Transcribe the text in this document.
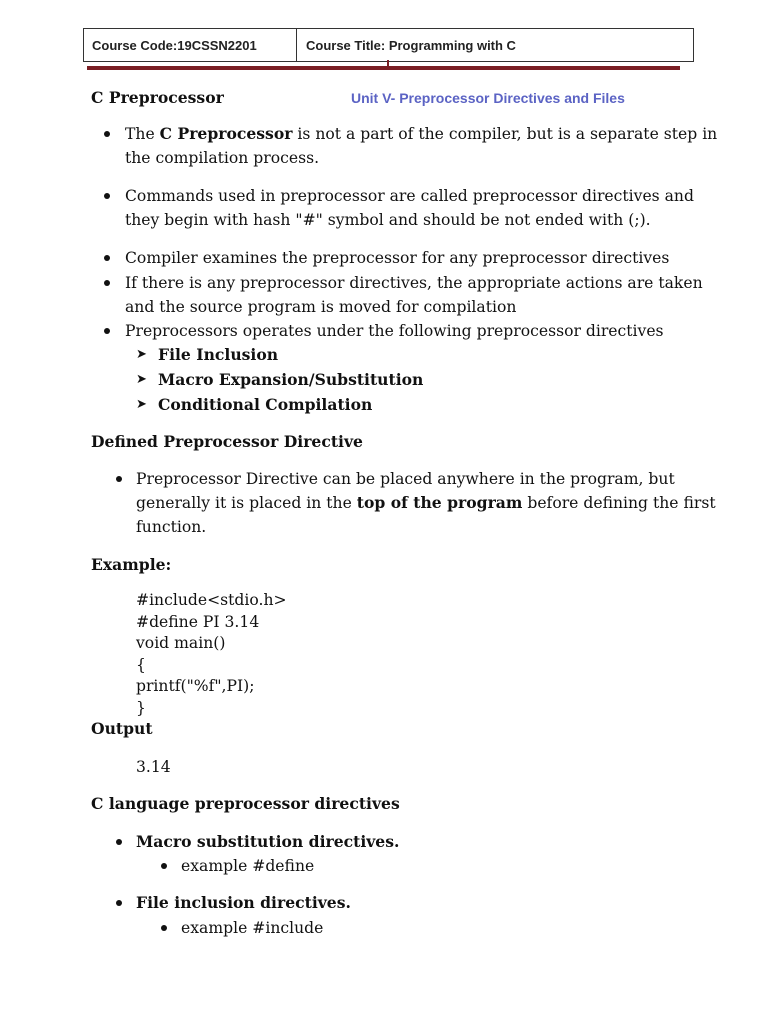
Course Code:19CSSN2201	Course Title: Programming with C
C Preprocessor	Unit V- Preprocessor Directives and Files
The C Preprocessor is not a part of the compiler, but is a separate step in
the compilation process.
Commands used in preprocessor are called preprocessor directives and
they begin with hash "#" symbol and should be not ended with (;).
Compiler examines the preprocessor for any preprocessor directives
If there is any preprocessor directives, the appropriate actions are taken
and the source program is moved for compilation
Preprocessors operates under the following preprocessor directives
➤ File Inclusion
➤ Macro Expansion/Substitution
➤ Conditional Compilation
Defined Preprocessor Directive
Preprocessor Directive can be placed anywhere in the program, but
generally it is placed in the top of the program before defining the first
function.
Example:
#include<stdio.h>
#define PI 3.14
void main()
{
printf("%f",PI);
}
Output
3.14
C language preprocessor directives
Macro substitution directives.
example #define
File inclusion directives.
example #include
